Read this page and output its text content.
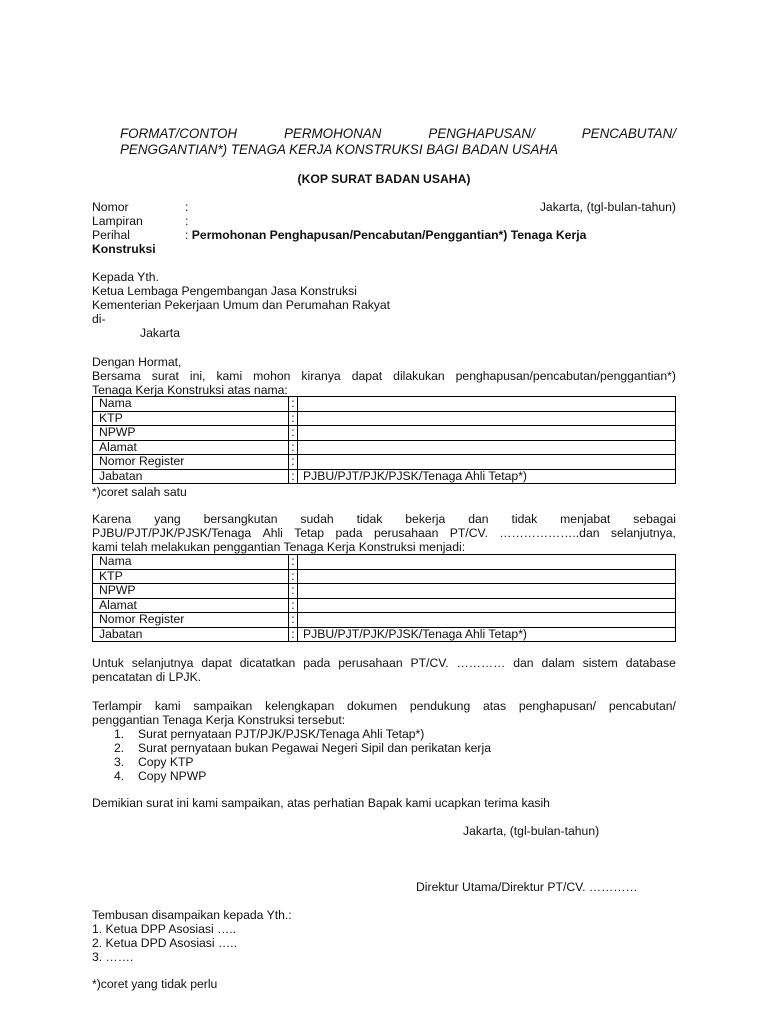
FORMAT/CONTOH	PERMOHONAN	PENGHAPUSAN/	PENCABUTAN/
PENGGANTIAN*) TENAGA KERJA KONSTRUKSI BAGI BADAN USAHA
(KOP SURAT BADAN USAHA)
Nomor	:	Jakarta, (tgl-bulan-tahun)
Lampiran	:
Perihal	: Permohonan Penghapusan/Pencabutan/Penggantian*) Tenaga Kerja
Konstruksi
Kepada Yth.
Ketua Lembaga Pengembangan Jasa Konstruksi
Kementerian Pekerjaan Umum dan Perumahan Rakyat
di-
Jakarta
Dengan Hormat,
Bersama surat ini, kami mohon kiranya dapat dilakukan penghapusan/pencabutan/penggantian*)
Tenaga Kerja Konstruksi atas nama:
Nama	:	
KTP	:	
NPWP	:	
Alamat	:	
Nomor Register	:	
Jabatan	:	PJBU/PJT/PJK/PJSK/Tenaga Ahli Tetap*)
*)coret salah satu
Karena yang bersangkutan sudah tidak bekerja dan tidak menjabat sebagai
PJBU/PJT/PJK/PJSK/Tenaga Ahli Tetap pada perusahaan PT/CV. ………………..dan selanjutnya,
kami telah melakukan penggantian Tenaga Kerja Konstruksi menjadi:
Nama	:	
KTP	:	
NPWP	:	
Alamat	:	
Nomor Register	:	
Jabatan	:	PJBU/PJT/PJK/PJSK/Tenaga Ahli Tetap*)
Untuk selanjutnya dapat dicatatkan pada perusahaan PT/CV. ………… dan dalam sistem database
pencatatan di LPJK.
Terlampir kami sampaikan kelengkapan dokumen pendukung atas penghapusan/ pencabutan/
penggantian Tenaga Kerja Konstruksi tersebut:
1. Surat pernyataan PJT/PJK/PJSK/Tenaga Ahli Tetap*)
2. Surat pernyataan bukan Pegawai Negeri Sipil dan perikatan kerja
3. Copy KTP
4. Copy NPWP
Demikian surat ini kami sampaikan, atas perhatian Bapak kami ucapkan terima kasih
Jakarta, (tgl-bulan-tahun)
Direktur Utama/Direktur PT/CV. …………
Tembusan disampaikan kepada Yth.:
1. Ketua DPP Asosiasi …..
2. Ketua DPD Asosiasi …..
3. …….
*)coret yang tidak perlu
